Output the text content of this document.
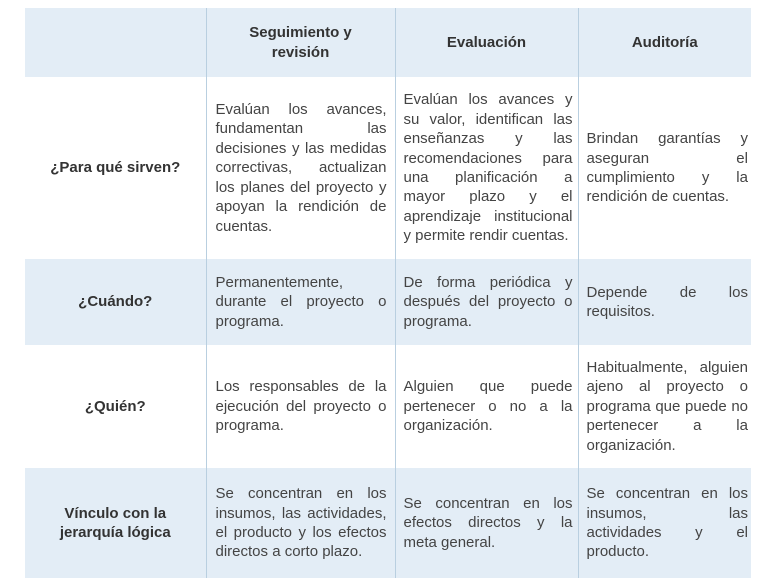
	Seguimiento y revisión	Evaluación	Auditoría
¿Para qué sirven?	Evalúan los avances, fundamentan las decisiones y las medidas correctivas, actualizan los planes del proyecto y apoyan la rendición de cuentas.	Evalúan los avances y su valor, identifican las enseñanzas y las recomendaciones para una planificación a mayor plazo y el aprendizaje institucional y permite rendir cuentas.	Brindan garantías y aseguran el cumplimiento y la rendición de cuentas.
¿Cuándo?	Permanentemente, durante el proyecto o programa.	De forma periódica y después del proyecto o programa.	Depende de los requisitos.
¿Quién?	Los responsables de la ejecución del proyecto o programa.	Alguien que puede pertenecer o no a la organización.	Habitualmente, alguien ajeno al proyecto o programa que puede no pertenecer a la organización.
Vínculo con la jerarquía lógica	Se concentran en los insumos, las actividades, el producto y los efectos directos a corto plazo.	Se concentran en los efectos directos y la meta general.	Se concentran en los insumos, las actividades y el producto.
